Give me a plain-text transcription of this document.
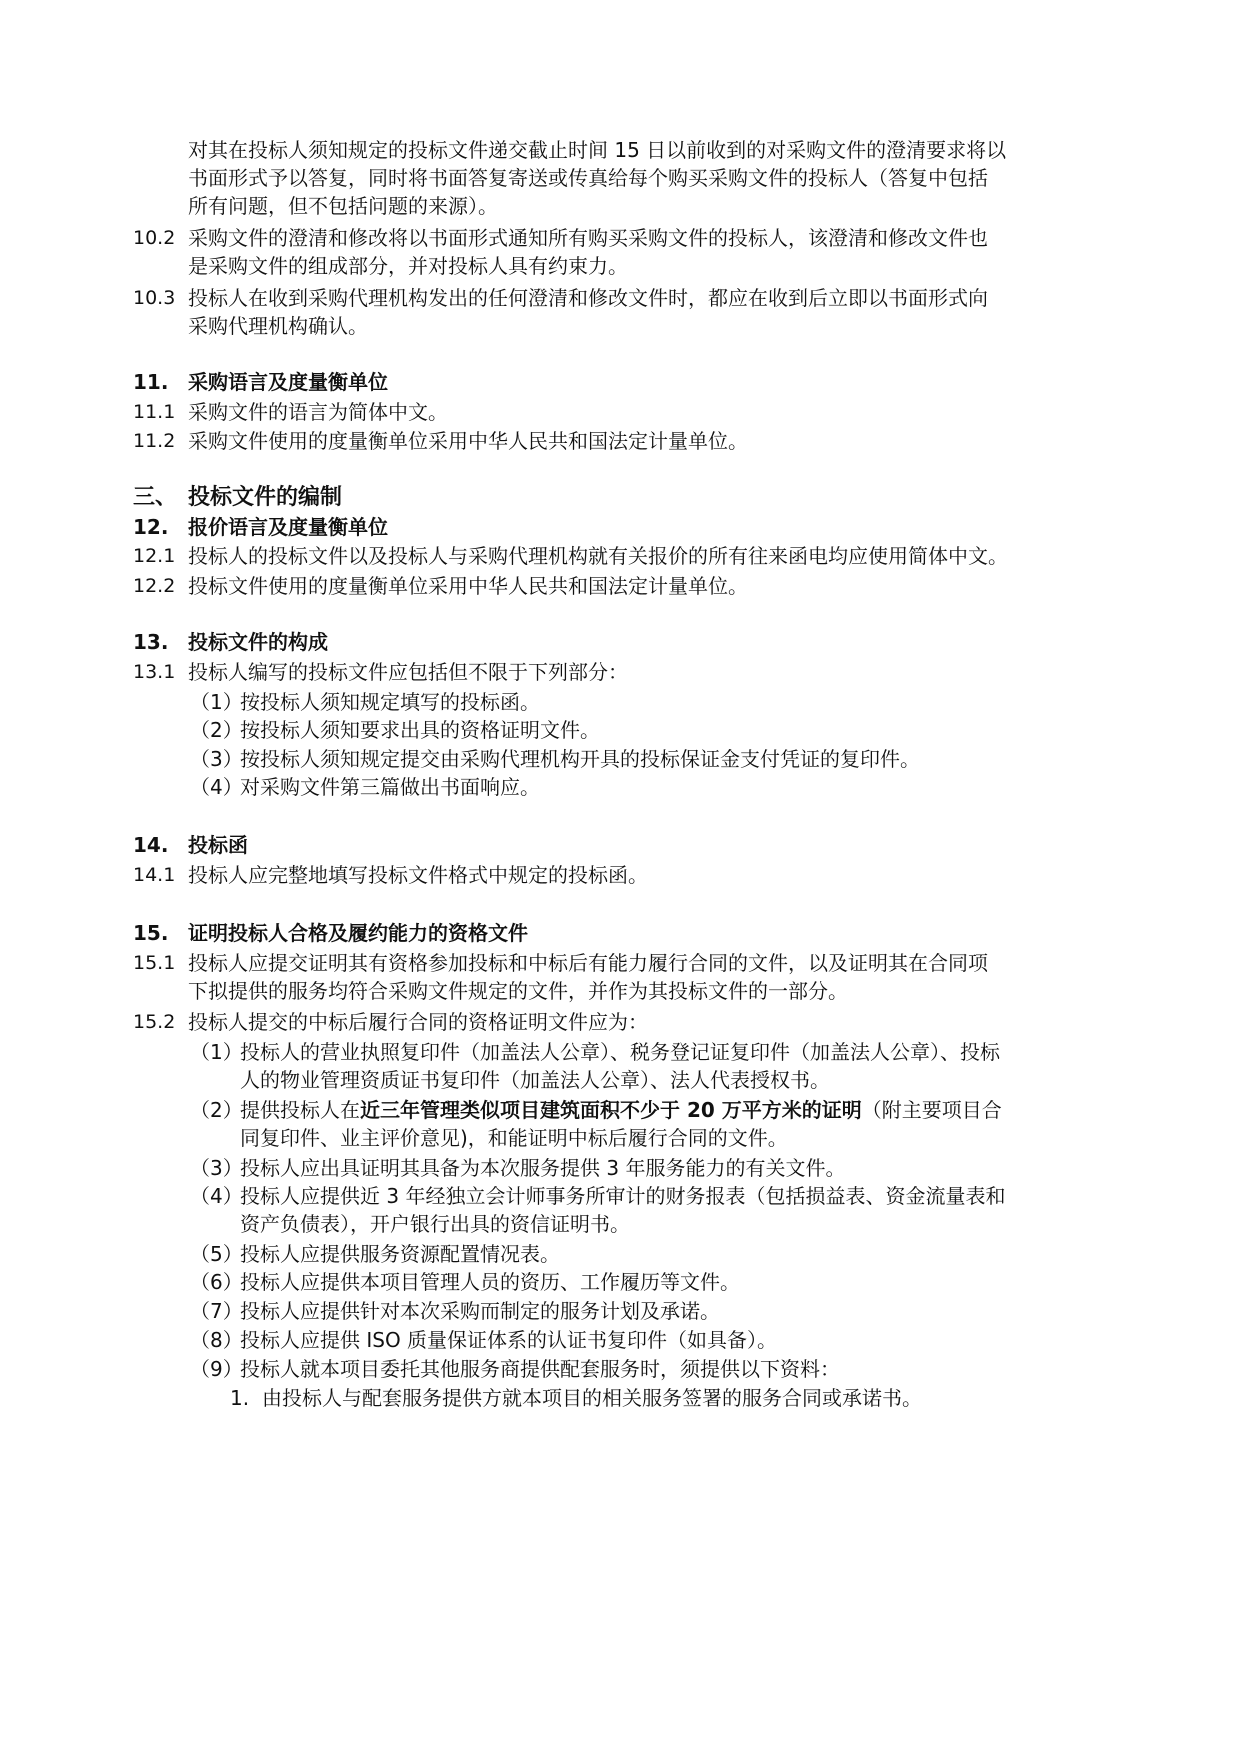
对其在投标人须知规定的投标文件递交截止时间 15 日以前收到的对采购文件的澄清要求将以
书面形式予以答复，同时将书面答复寄送或传真给每个购买采购文件的投标人（答复中包括
所有问题，但不包括问题的来源）。
10.2 采购文件的澄清和修改将以书面形式通知所有购买采购文件的投标人，该澄清和修改文件也
是采购文件的组成部分，并对投标人具有约束力。
10.3 投标人在收到采购代理机构发出的任何澄清和修改文件时，都应在收到后立即以书面形式向
采购代理机构确认。
11. 采购语言及度量衡单位
11.1 采购文件的语言为简体中文。
11.2 采购文件使用的度量衡单位采用中华人民共和国法定计量单位。
三、 投标文件的编制
12. 报价语言及度量衡单位
12.1 投标人的投标文件以及投标人与采购代理机构就有关报价的所有往来函电均应使用简体中文。
12.2 投标文件使用的度量衡单位采用中华人民共和国法定计量单位。
13. 投标文件的构成
13.1 投标人编写的投标文件应包括但不限于下列部分：
（1）
按投标人须知规定填写的投标函。
（2）
按投标人须知要求出具的资格证明文件。
（3）
按投标人须知规定提交由采购代理机构开具的投标保证金支付凭证的复印件。
（4）
对采购文件第三篇做出书面响应。
14. 投标函
14.1 投标人应完整地填写投标文件格式中规定的投标函。
15. 证明投标人合格及履约能力的资格文件
15.1 投标人应提交证明其有资格参加投标和中标后有能力履行合同的文件，以及证明其在合同项
下拟提供的服务均符合采购文件规定的文件，并作为其投标文件的一部分。
15.2 投标人提交的中标后履行合同的资格证明文件应为：
（1）
投标人的营业执照复印件（加盖法人公章）、税务登记证复印件（加盖法人公章）、投标
人的物业管理资质证书复印件（加盖法人公章）、法人代表授权书。
（2）
提供投标人在近三年管理类似项目建筑面积不少于 20 万平方米的证明（附主要项目合
同复印件、业主评价意见)，和能证明中标后履行合同的文件。
（3）
投标人应出具证明其具备为本次服务提供 3 年服务能力的有关文件。
（4）
投标人应提供近 3 年经独立会计师事务所审计的财务报表（包括损益表、资金流量表和
资产负债表），开户银行出具的资信证明书。
（5）
投标人应提供服务资源配置情况表。
（6）
投标人应提供本项目管理人员的资历、工作履历等文件。
（7）
投标人应提供针对本次采购而制定的服务计划及承诺。
（8）
投标人应提供 ISO 质量保证体系的认证书复印件（如具备）。
（9）
投标人就本项目委托其他服务商提供配套服务时，须提供以下资料：
1. 由投标人与配套服务提供方就本项目的相关服务签署的服务合同或承诺书。
